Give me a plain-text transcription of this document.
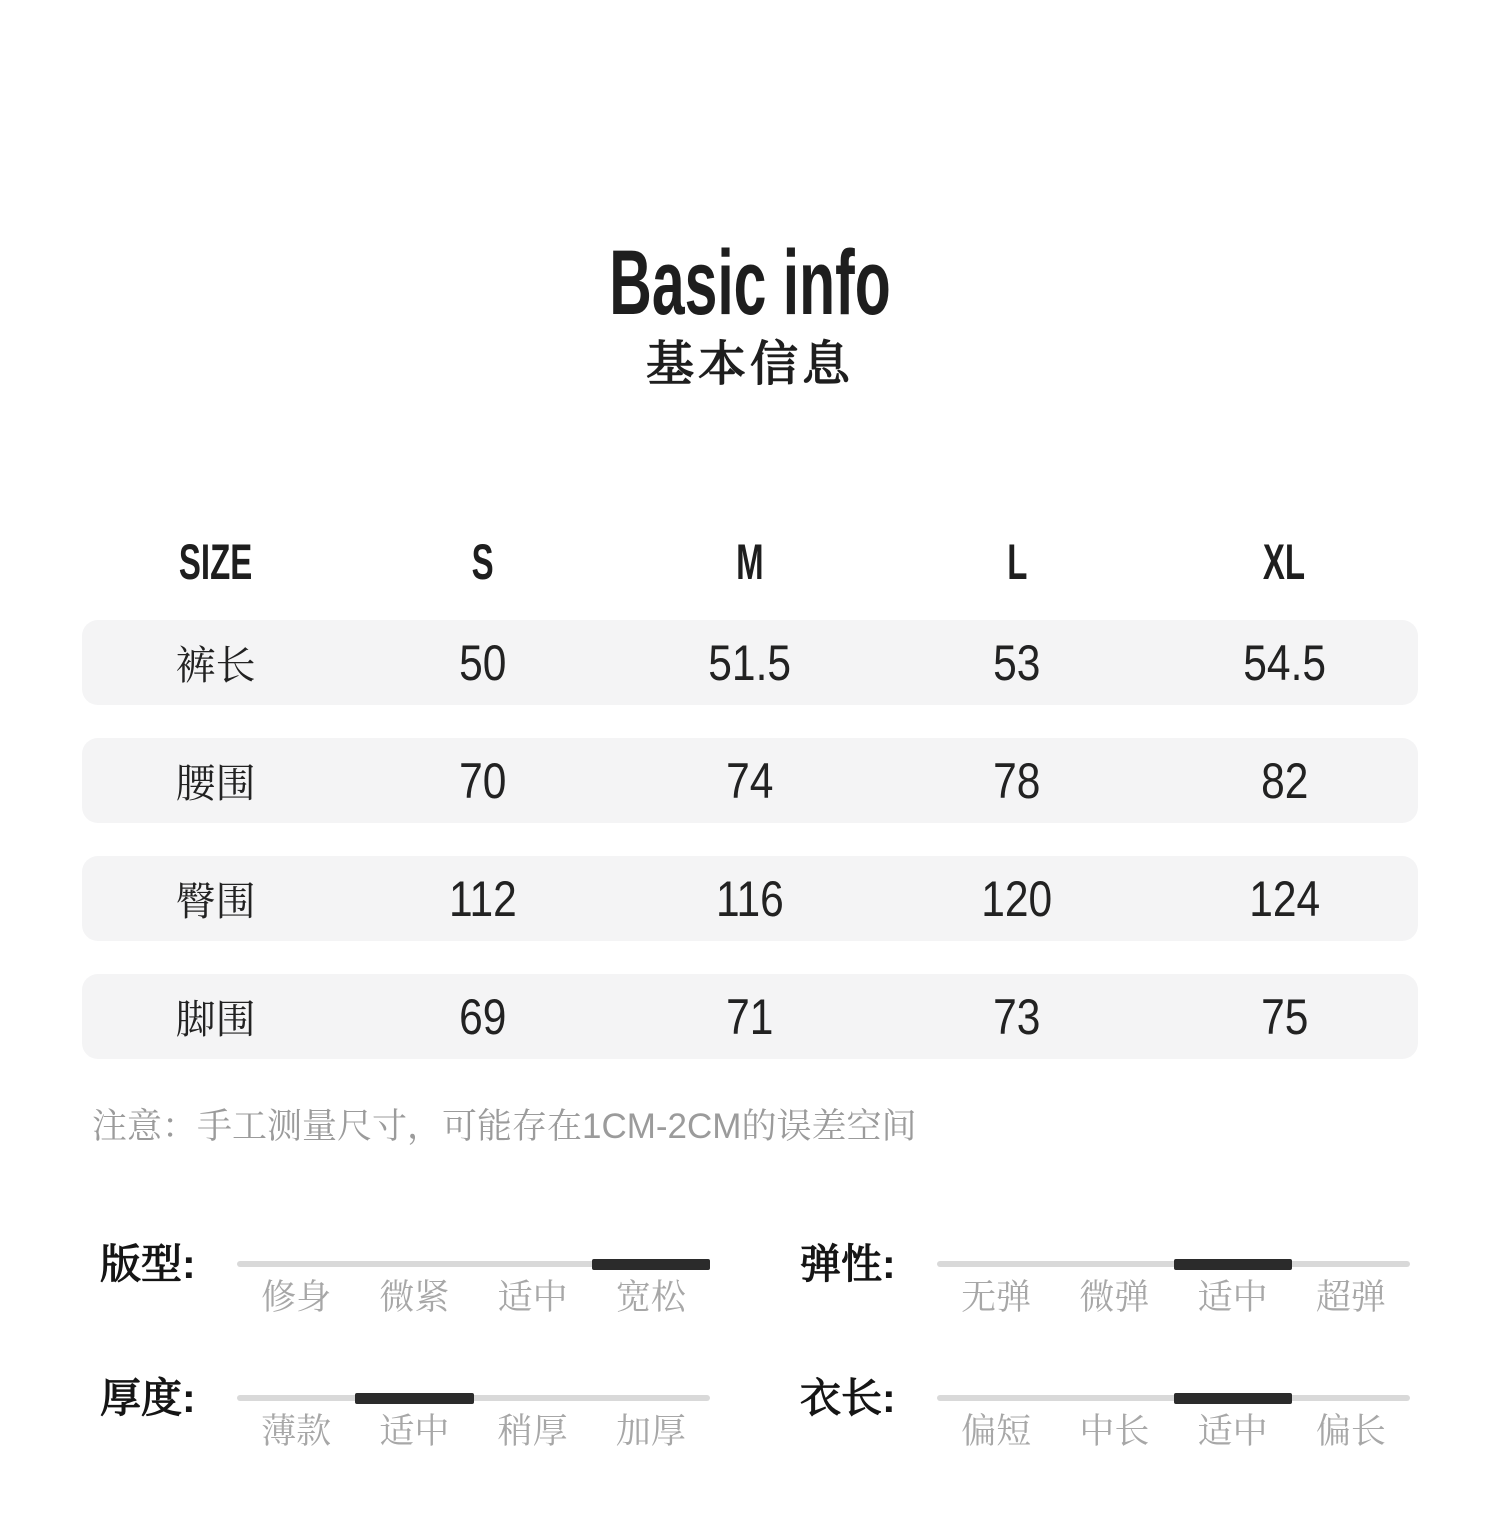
Basic info
基本信息
SIZE	S	M	L	XL
裤长	50	51.5	53	54.5
腰围	70	74	78	82
臀围	112	116	120	124
脚围	69	71	73	75

注意：手工测量尺寸，可能存在1CM-2CM的误差空间

版型:
修身	微紧	适中	宽松
弹性:
无弹	微弹	适中	超弹
厚度:
薄款	适中	稍厚	加厚
衣长:
偏短	中长	适中	偏长
